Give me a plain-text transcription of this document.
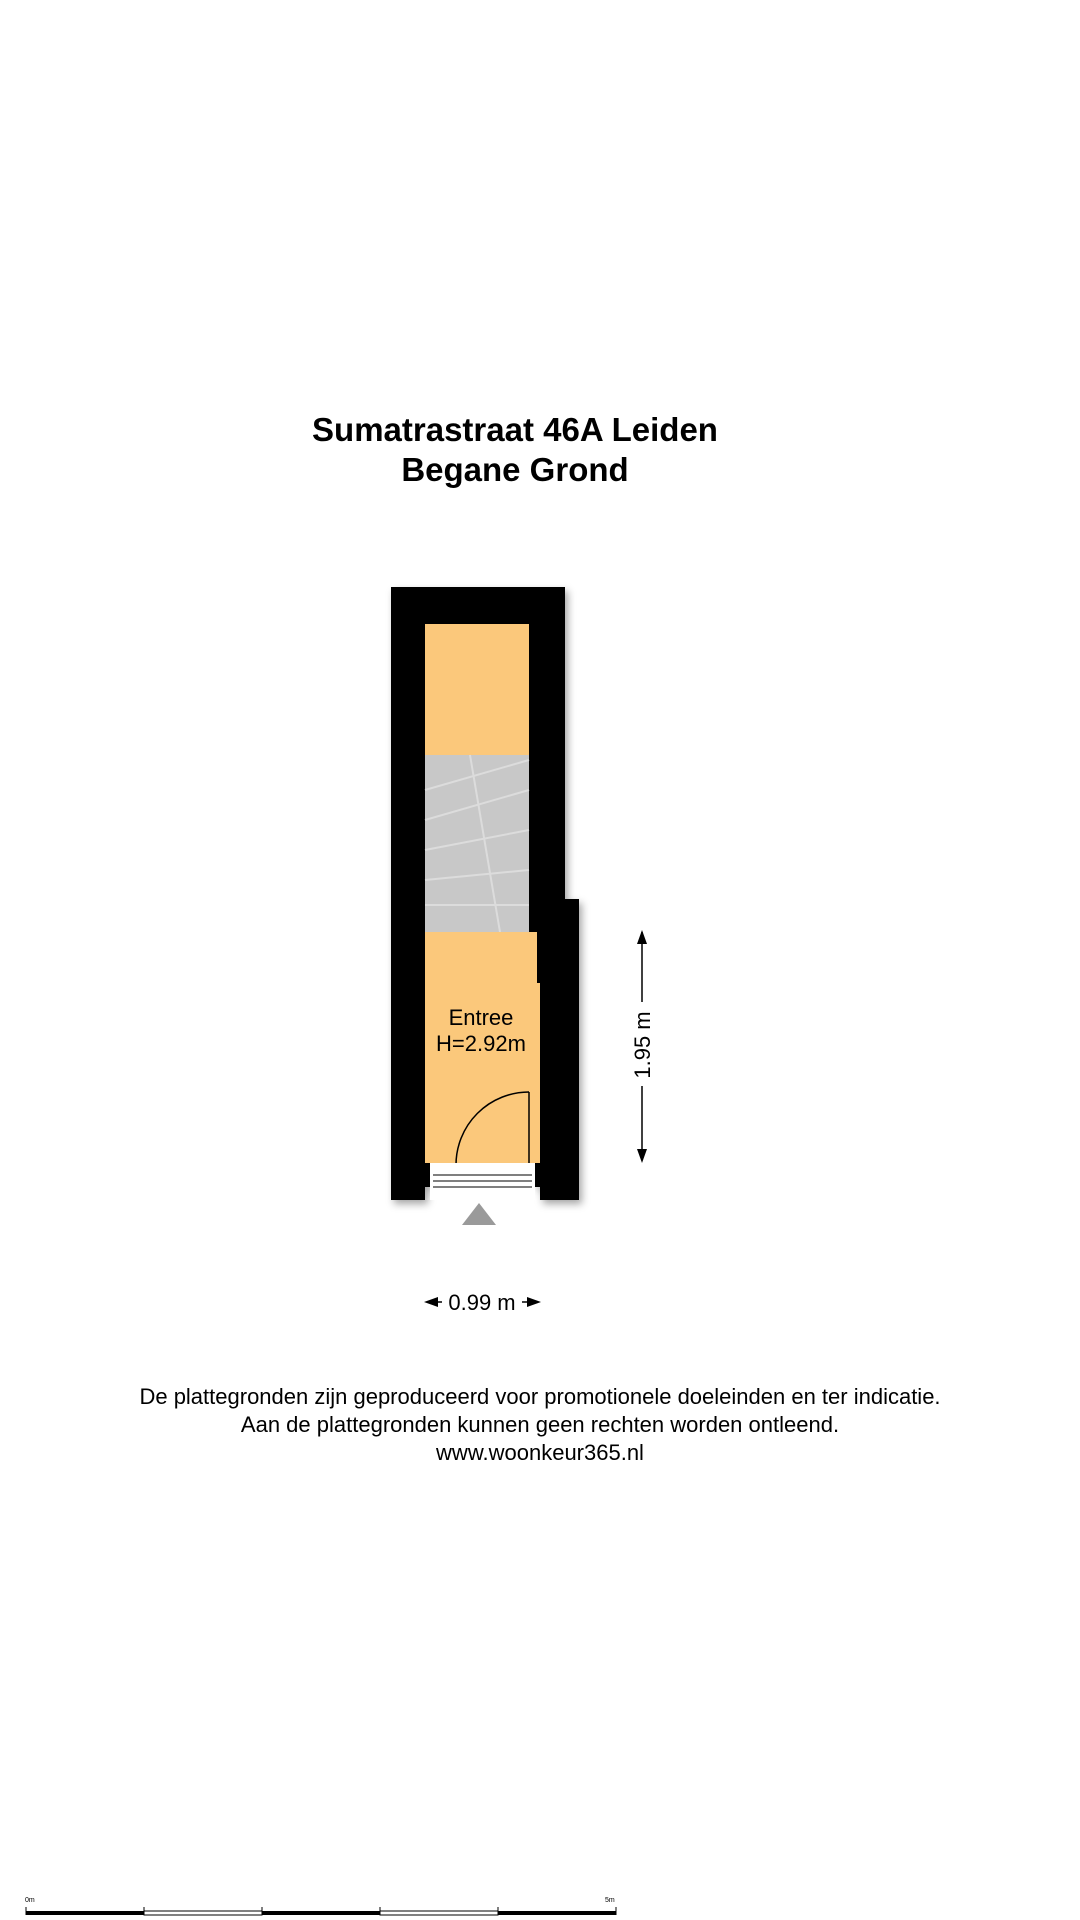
Sumatrastraat 46A Leiden
Begane Grond
Entree
H=2.92m	1.95 m
0.99 m
0m	5m
De plattegronden zijn geproduceerd voor promotionele doeleinden en ter indicatie.
Aan de plattegronden kunnen geen rechten worden ontleend.
www.woonkeur365.nl
